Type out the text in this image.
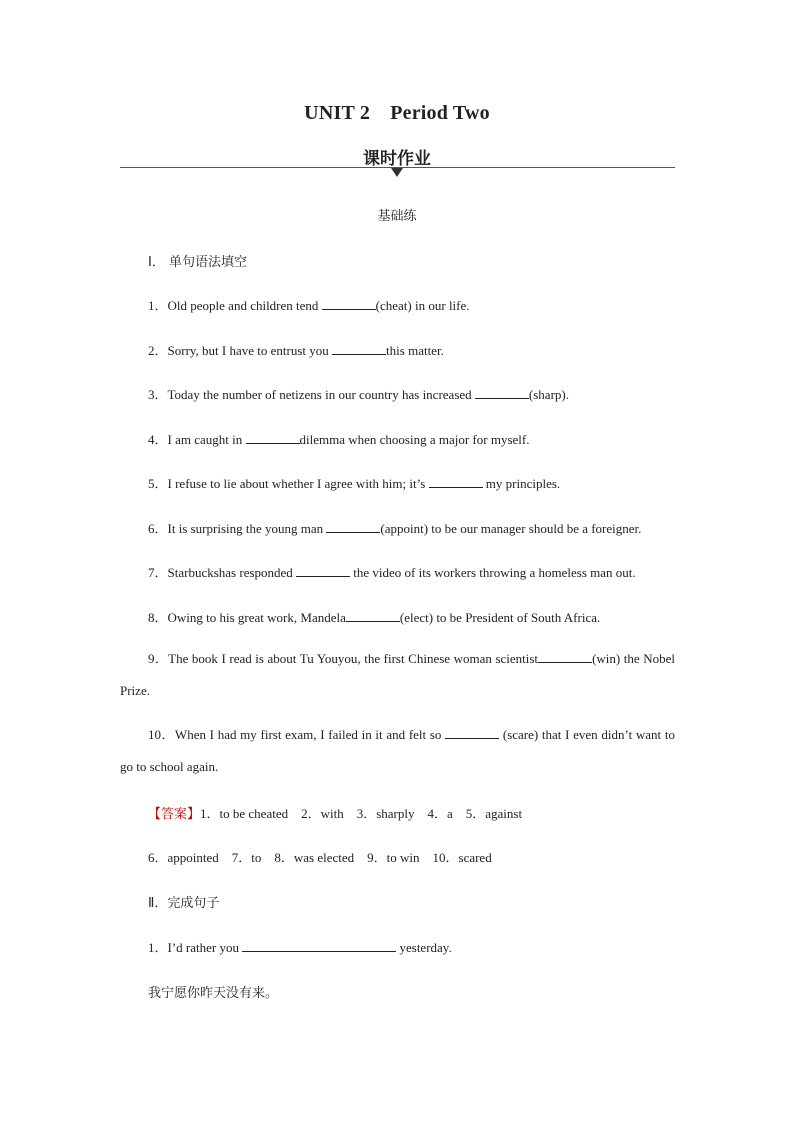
UNIT 2　Period Two
课时作业
基础练
Ⅰ． 单句语法填空
1．Old people and children tend	(cheat) in our life.
2．Sorry, but I have to entrust you	this matter.
3．Today the number of netizens in our country has increased	(sharp).
4．I am caught in	dilemma when choosing a major for myself.
5．I refuse to lie about whether I agree with him; it’s	my principles.
6．It is surprising the young man	(appoint) to be our manager should be a foreigner.
7．Starbuckshas responded	the video of its workers throwing a homeless man out.
8．Owing to his great work, Mandela	(elect) to be President of South Africa.
9．The book I read is about Tu Youyou, the first Chinese woman scientist	(win) the Nobel Prize.
10．When I had my first exam, I failed in it and felt so	(scare) that I even didn’t want to go to school again.
【答案】1．to be cheated　2．with　3．sharply　4．a　5．against
6．appointed　7．to　8．was elected　9．to win　10．scared
Ⅱ．完成句子
1．I’d rather you	yesterday.
我宁愿你昨天没有来。
